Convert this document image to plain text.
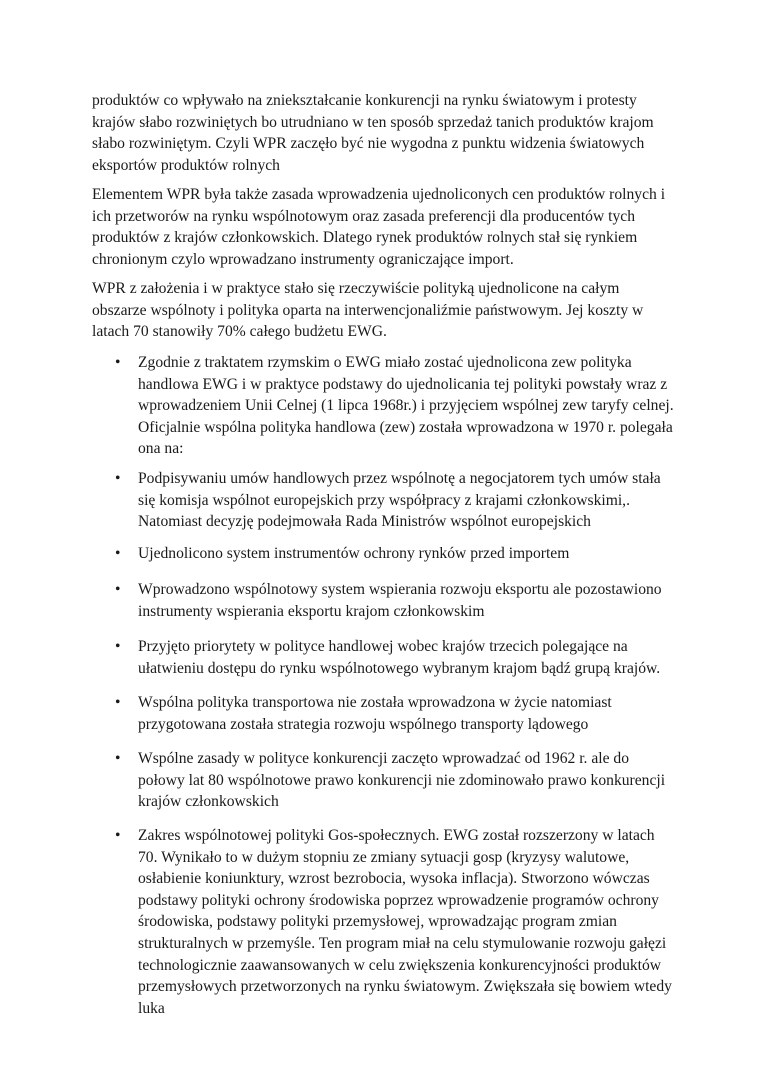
produktów co wpływało na zniekształcanie konkurencji na rynku światowym i protesty krajów słabo rozwiniętych bo utrudniano w ten sposób sprzedaż tanich produktów krajom słabo rozwiniętym. Czyli WPR zaczęło być nie wygodna z punktu widzenia światowych eksportów produktów rolnych

Elementem WPR była także zasada wprowadzenia ujednoliconych cen produktów rolnych i ich przetworów na rynku wspólnotowym oraz zasada preferencji dla producentów tych produktów z krajów członkowskich. Dlatego rynek produktów rolnych stał się rynkiem chronionym czylo wprowadzano instrumenty ograniczające import.

WPR z założenia i w praktyce stało się rzeczywiście polityką ujednolicone na całym obszarze wspólnoty i polityka oparta na interwencjonaliźmie państwowym. Jej koszty w latach 70 stanowiły 70% całego budżetu EWG.

• Zgodnie z traktatem rzymskim o EWG miało zostać ujednolicona zew polityka handlowa EWG i w praktyce podstawy do ujednolicania tej polityki powstały wraz z wprowadzeniem Unii Celnej (1 lipca 1968r.) i przyjęciem wspólnej zew taryfy celnej. Oficjalnie wspólna polityka handlowa (zew) została wprowadzona w 1970 r. polegała ona na:

• Podpisywaniu umów handlowych przez wspólnotę a negocjatorem tych umów stała się komisja wspólnot europejskich przy współpracy z krajami członkowskimi,. Natomiast decyzję podejmowała Rada Ministrów wspólnot europejskich

• Ujednolicono system instrumentów ochrony rynków przed importem

• Wprowadzono wspólnotowy system wspierania rozwoju eksportu ale pozostawiono instrumenty wspierania eksportu krajom członkowskim

• Przyjęto priorytety w polityce handlowej wobec krajów trzecich polegające na ułatwieniu dostępu do rynku wspólnotowego wybranym krajom bądź grupą krajów.

• Wspólna polityka transportowa nie została wprowadzona w życie natomiast przygotowana została strategia rozwoju wspólnego transporty lądowego

• Wspólne zasady w polityce konkurencji zaczęto wprowadzać od 1962 r. ale do połowy lat 80 wspólnotowe prawo konkurencji nie zdominowało prawo konkurencji krajów członkowskich

• Zakres wspólnotowej polityki Gos-społecznych. EWG został rozszerzony w latach 70. Wynikało to w dużym stopniu ze zmiany sytuacji gosp (kryzysy walutowe, osłabienie koniunktury, wzrost bezrobocia, wysoka inflacja). Stworzono wówczas podstawy polityki ochrony środowiska poprzez wprowadzenie programów ochrony środowiska, podstawy polityki przemysłowej, wprowadzając program zmian strukturalnych w przemyśle. Ten program miał na celu stymulowanie rozwoju gałęzi technologicznie zaawansowanych w celu zwiększenia konkurencyjności produktów przemysłowych przetworzonych na rynku światowym. Zwiększała się bowiem wtedy luka
